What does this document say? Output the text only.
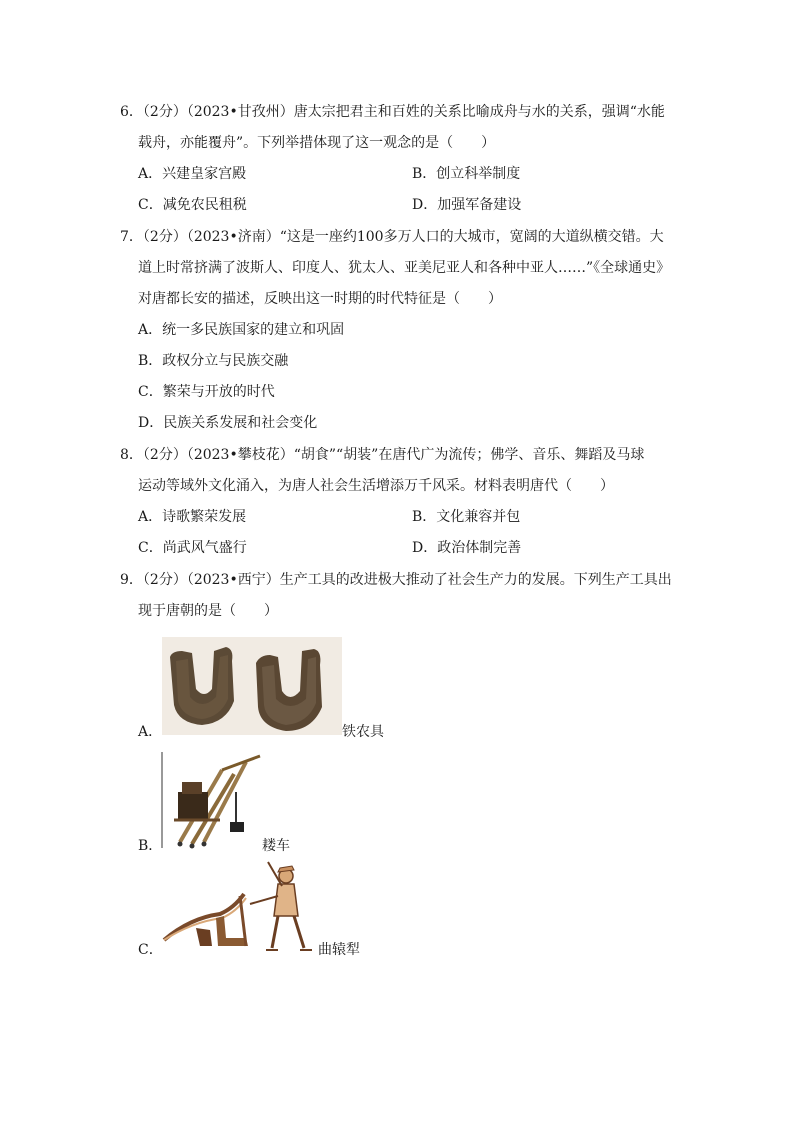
6．（2分）（2023•甘孜州）唐太宗把君主和百姓的关系比喻成舟与水的关系，强调“水能
载舟，亦能覆舟”。下列举措体现了这一观念的是（　　）
A．兴建皇家宫殿	B．创立科举制度
C．减免农民租税	D．加强军备建设
7．（2分）（2023•济南）“这是一座约100多万人口的大城市，宽阔的大道纵横交错。大
道上时常挤满了波斯人、印度人、犹太人、亚美尼亚人和各种中亚人……”《全球通史》
对唐都长安的描述，反映出这一时期的时代特征是（　　）
A．统一多民族国家的建立和巩固
B．政权分立与民族交融
C．繁荣与开放的时代
D．民族关系发展和社会变化
8．（2分）（2023•攀枝花）“胡食”“胡装”在唐代广为流传；佛学、音乐、舞蹈及马球
运动等域外文化涌入，为唐人社会生活增添万千风采。材料表明唐代（　　）
A．诗歌繁荣发展	B．文化兼容并包
C．尚武风气盛行	D．政治体制完善
9．（2分）（2023•西宁）生产工具的改进极大推动了社会生产力的发展。下列生产工具出
现于唐朝的是（　　）
A．	铁农具
B．	耧车
C．	曲辕犁
